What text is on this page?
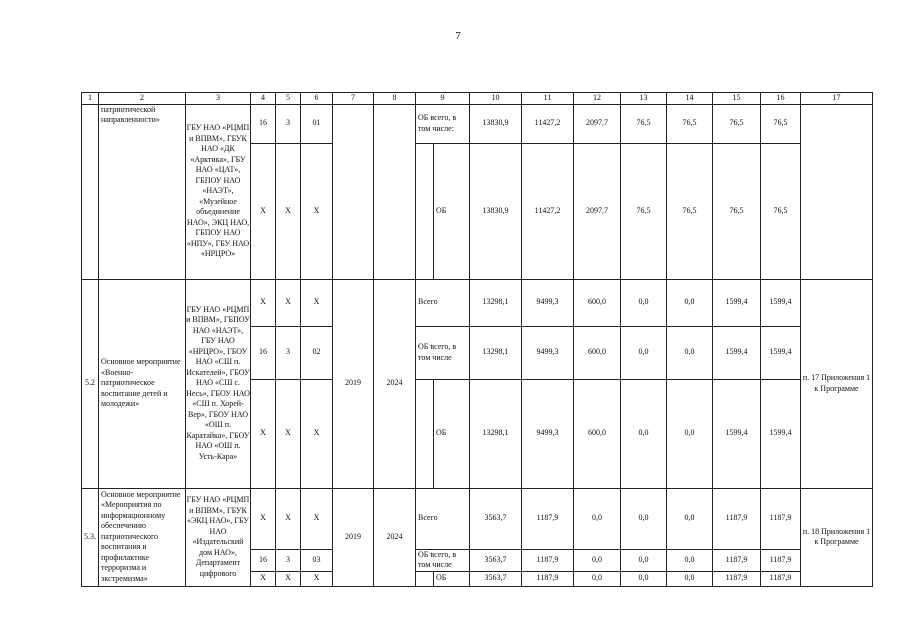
7
1	2	3	4	5	6	7	8	9		10	11	12	13	14	15	16	17
	патриотической направленности»	ГБУ НАО «РЦМП и ВПВМ», ГБУК НАО «ДК «Арктика», ГБУ НАО «ЦАТ», ГБПОУ НАО «НАЭТ», «Музейное объединение НАО», ЭКЦ НАО, ГБПОУ НАО «НПУ», ГБУ НАО «НРЦРО»	16	3	01			ОБ всего, в том числе:		13830,9	11427,2	2097,7	76,5	76,5	76,5	76,5	
			X	X	X				ОБ	13830,9	11427,2	2097,7	76,5	76,5	76,5	76,5	
5.2	Основное мероприятие «Военно-патриотическое воспитание детей и молодежи»	ГБУ НАО «РЦМП и ВПВМ», ГБПОУ НАО «НАЭТ», ГБУ НАО «НРЦРО», ГБОУ НАО «СШ п. Искателей», ГБОУ НАО «СШ с. Несь», ГБОУ НАО «СШ п. Хорей-Вер», ГБОУ НАО «ОШ п. Каратайка», ГБОУ НАО «ОШ п. Усть-Кара»	X	X	X	2019	2024	Всего		13298,1	9499,3	600,0	0,0	0,0	1599,4	1599,4	п. 17 Приложения 1 к Программе
			16	3	02			ОБ всего, в том числе		13298,1	9499,3	600,0	0,0	0,0	1599,4	1599,4	
			X	X	X				ОБ	13298,1	9499,3	600,0	0,0	0,0	1599,4	1599,4	
5.3.	Основное мероприятие «Мероприятия по информационному обеспечению патриотического воспитания и профилактике терроризма и экстремизма»	ГБУ НАО «РЦМП и ВПВМ», ГБУК «ЭКЦ НАО», ГБУ НАО «Издательский дом НАО», Департамент цифрового	X	X	X	2019	2024	Всего		3563,7	1187,9	0,0	0,0	0,0	1187,9	1187,9	п. 18 Приложения 1 к Программе
			16	3	03			ОБ всего, в том числе		3563,7	1187,9	0,0	0,0	0,0	1187,9	1187,9	
			X	X	X				ОБ	3563,7	1187,9	0,0	0,0	0,0	1187,9	1187,9	
